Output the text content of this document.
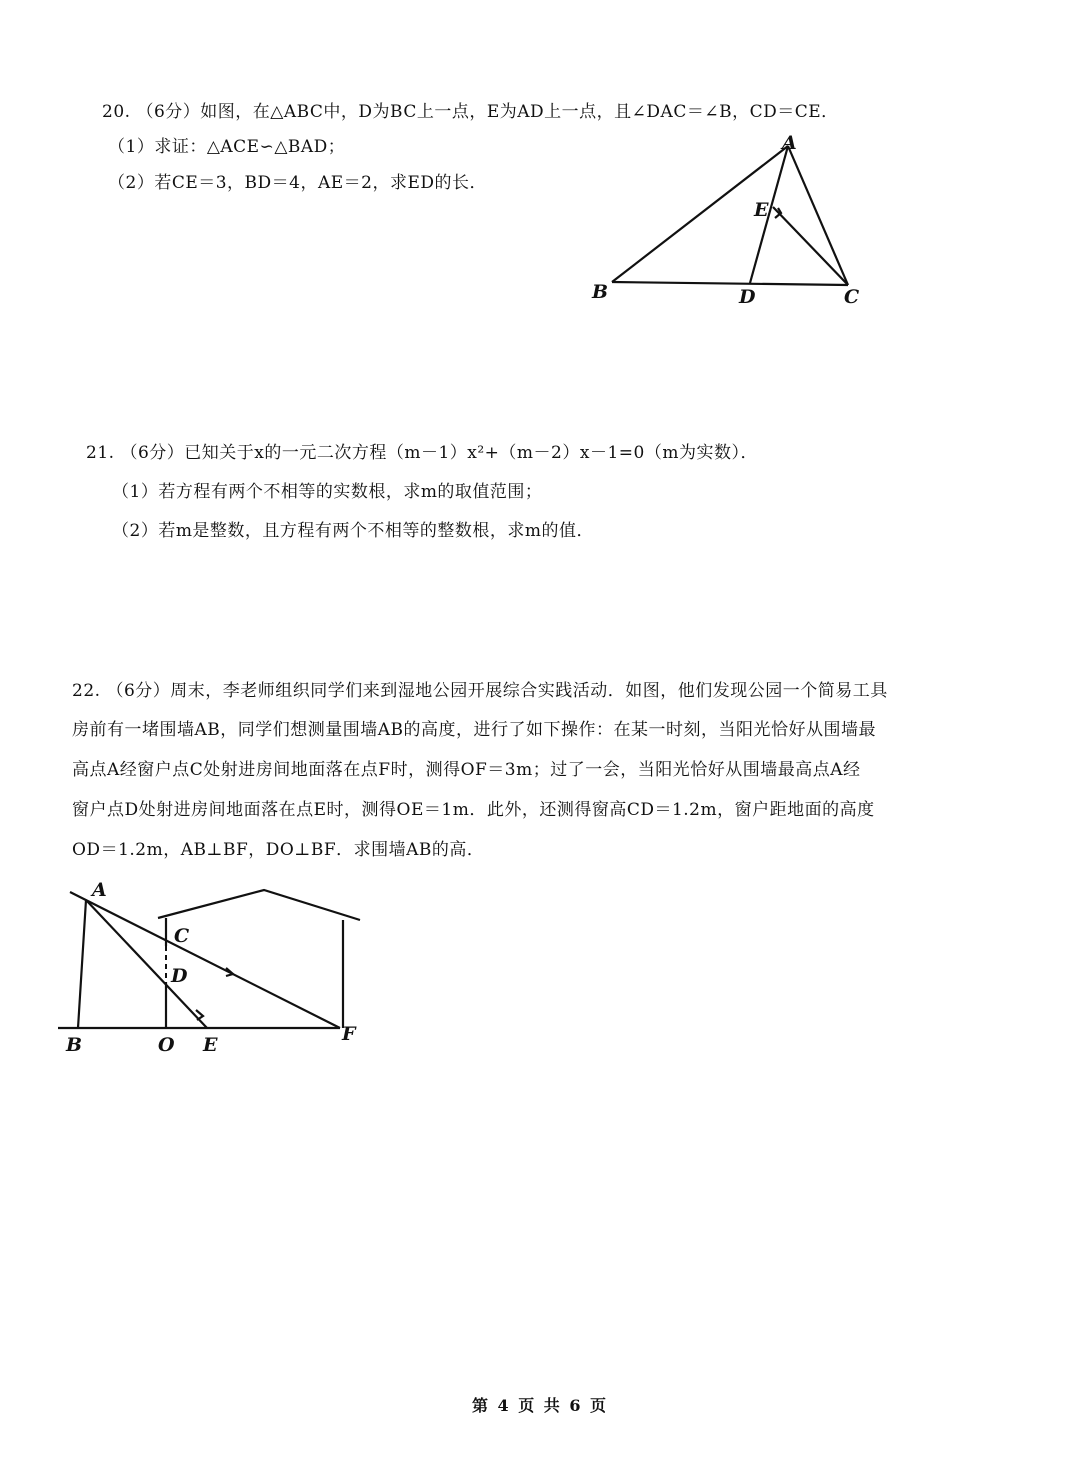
20. （6分）如图，在△ABC中，D为BC上一点，E为AD上一点，且∠DAC＝∠B，CD＝CE．
（1）求证：△ACE∽△BAD；
（2）若CE＝3，BD＝4，AE＝2，求ED的长．
A
B	C
D
E
21. （6分）已知关于x的一元二次方程（m－1）x²+（m－2）x－1=0（m为实数）．
（1）若方程有两个不相等的实数根，求m的取值范围；
（2）若m是整数，且方程有两个不相等的整数根，求m的值．
22. （6分）周末，李老师组织同学们来到湿地公园开展综合实践活动．如图，他们发现公园一个简易工具
房前有一堵围墙AB，同学们想测量围墙AB的高度，进行了如下操作：在某一时刻，当阳光恰好从围墙最
高点A经窗户点C处射进房间地面落在点F时，测得OF＝3m；过了一会，当阳光恰好从围墙最高点A经
窗户点D处射进房间地面落在点E时，测得OE＝1m．此外，还测得窗高CD＝1.2m，窗户距地面的高度
OD＝1.2m，AB⊥BF，DO⊥BF．求围墙AB的高．
A
B
C
D
O E	F
第 4 页 共 6 页
